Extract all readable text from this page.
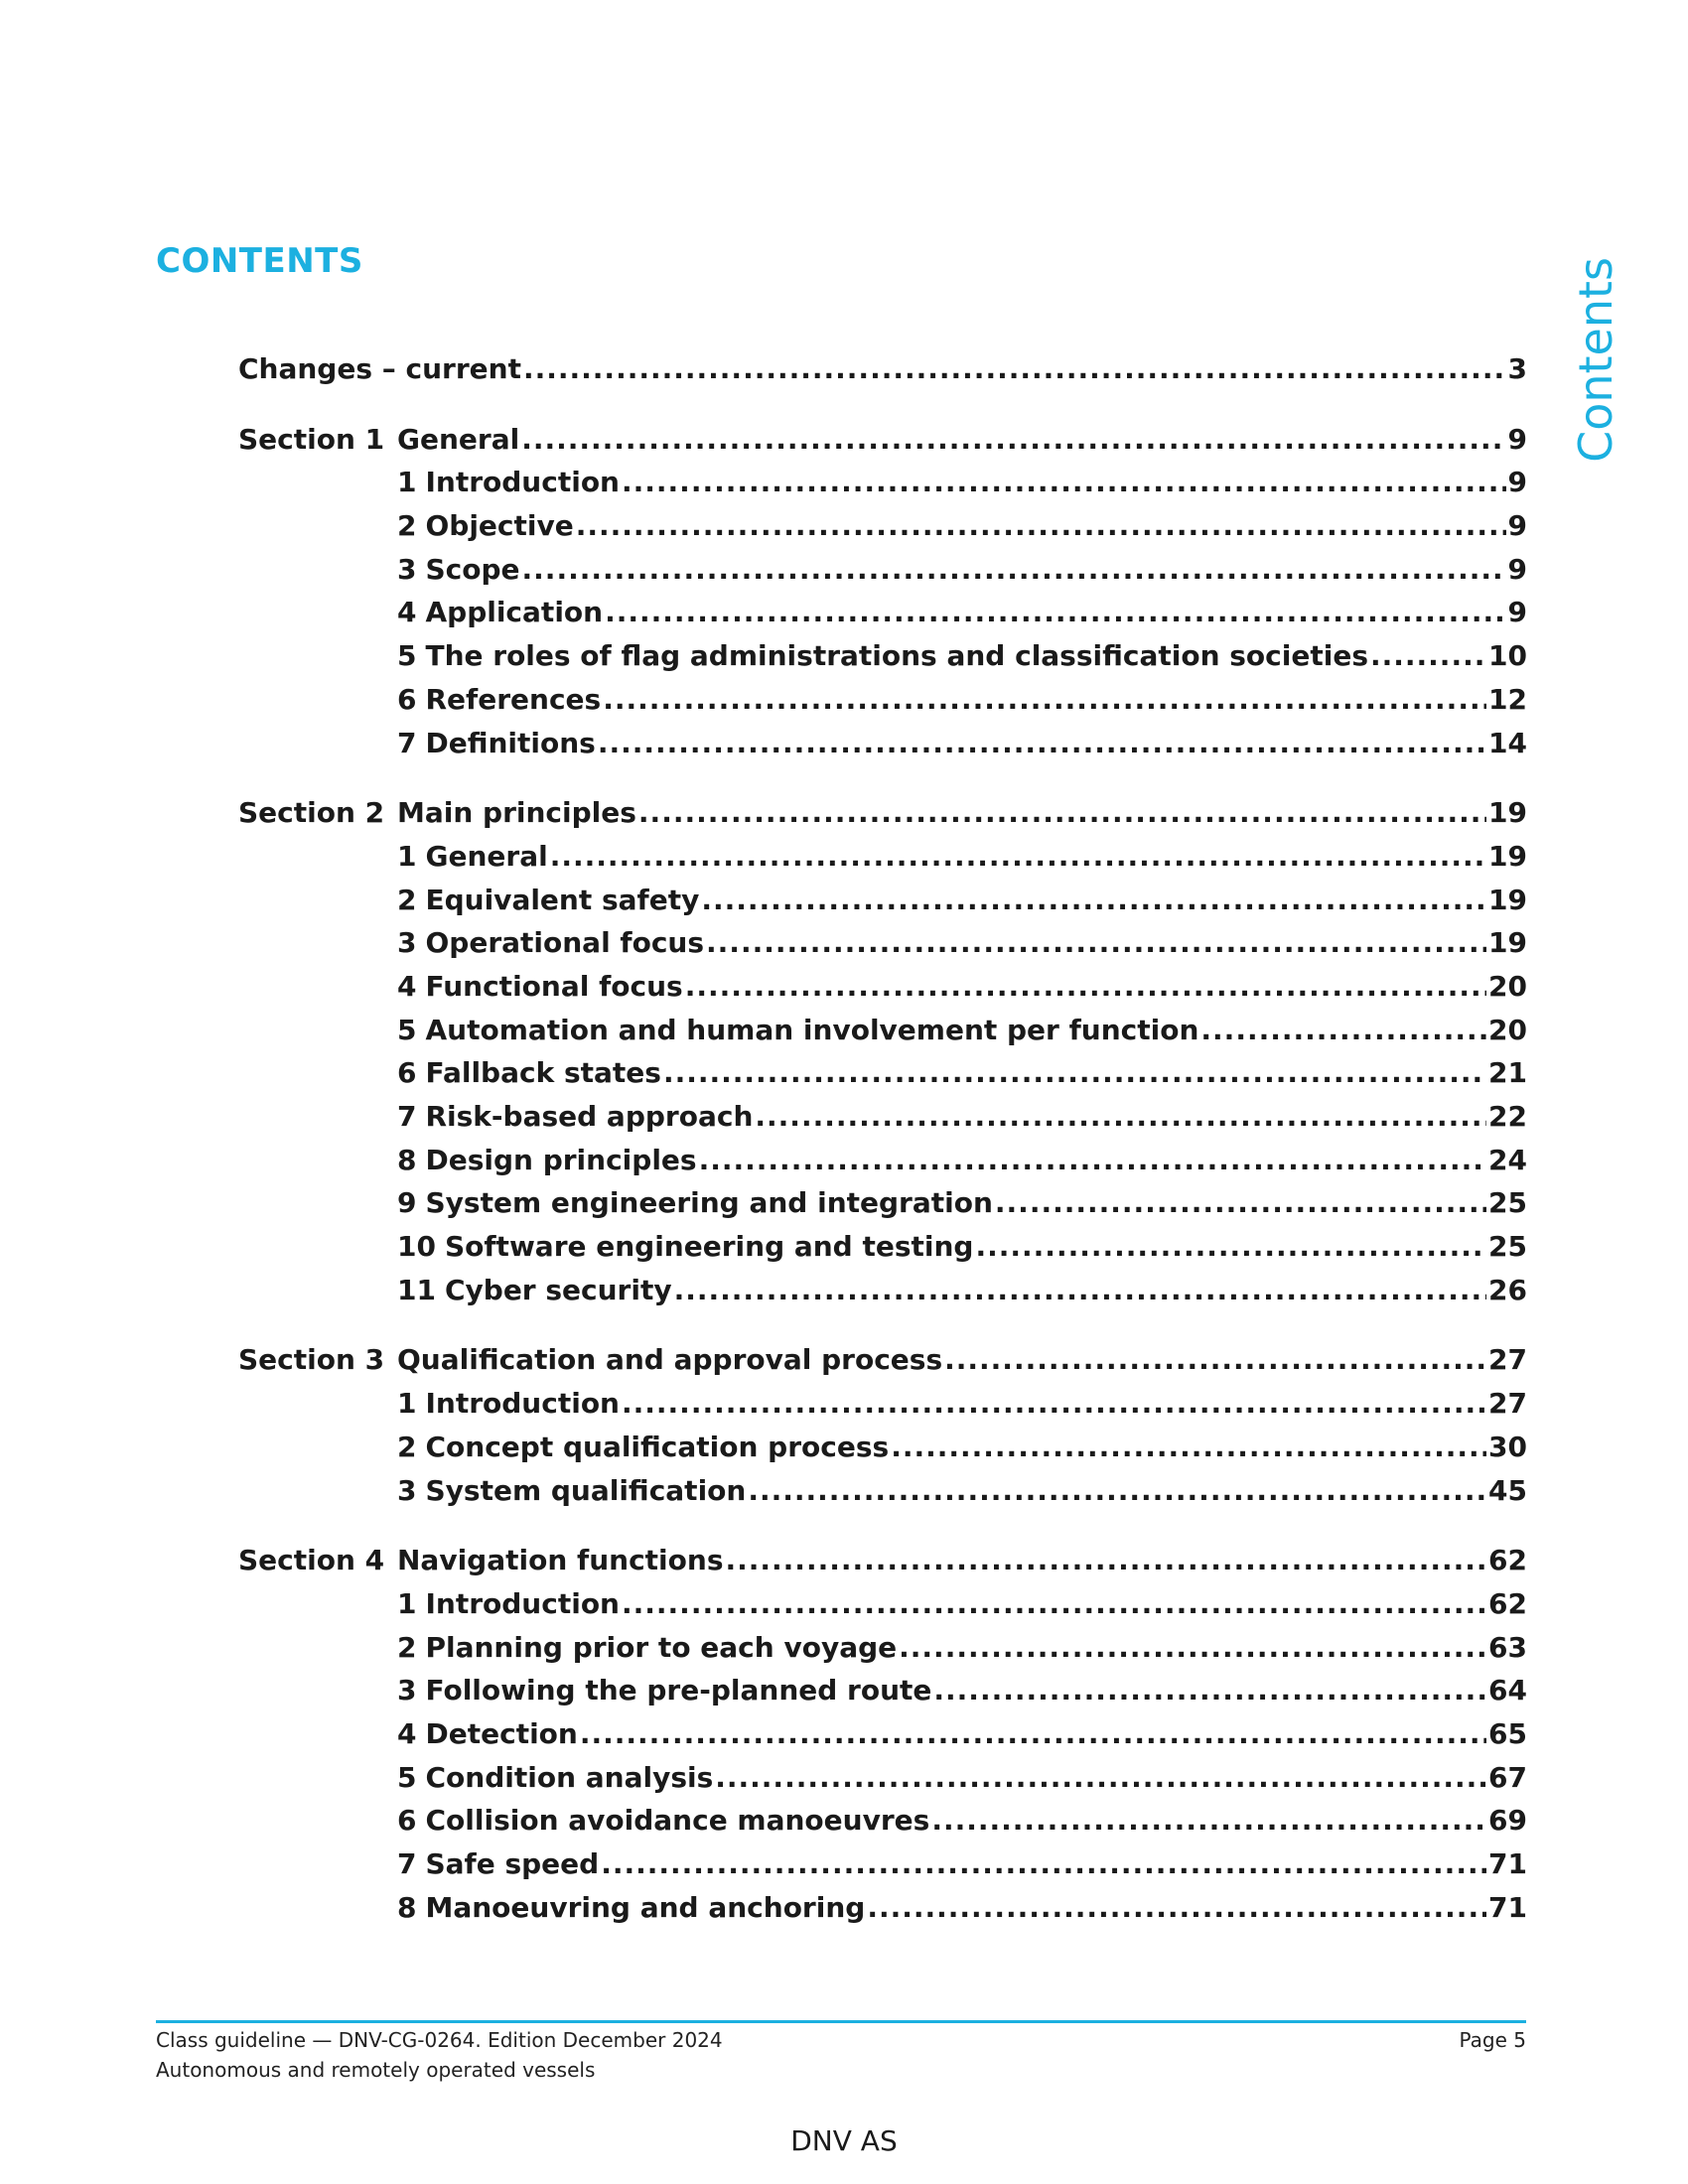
CONTENTS	Contents
Changes – current .....	3
Section 1 General .....	9
1 Introduction .....	9
2 Objective .....	9
3 Scope .....	9
4 Application .....	9
5 The roles of flag administrations and classification societies .....	10
6 References .....	12
7 Definitions .....	14
Section 2 Main principles .....	19
1 General .....	19
2 Equivalent safety .....	19
3 Operational focus .....	19
4 Functional focus .....	20
5 Automation and human involvement per function .....	20
6 Fallback states .....	21
7 Risk-based approach .....	22
8 Design principles .....	24
9 System engineering and integration .....	25
10 Software engineering and testing .....	25
11 Cyber security .....	26
Section 3 Qualification and approval process .....	27
1 Introduction .....	27
2 Concept qualification process .....	30
3 System qualification .....	45
Section 4 Navigation functions .....	62
1 Introduction .....	62
2 Planning prior to each voyage .....	63
3 Following the pre-planned route .....	64
4 Detection .....	65
5 Condition analysis .....	67
6 Collision avoidance manoeuvres .....	69
7 Safe speed .....	71
8 Manoeuvring and anchoring .....	71
Class guideline — DNV-CG-0264. Edition December 2024	Page 5
Autonomous and remotely operated vessels
DNV AS
